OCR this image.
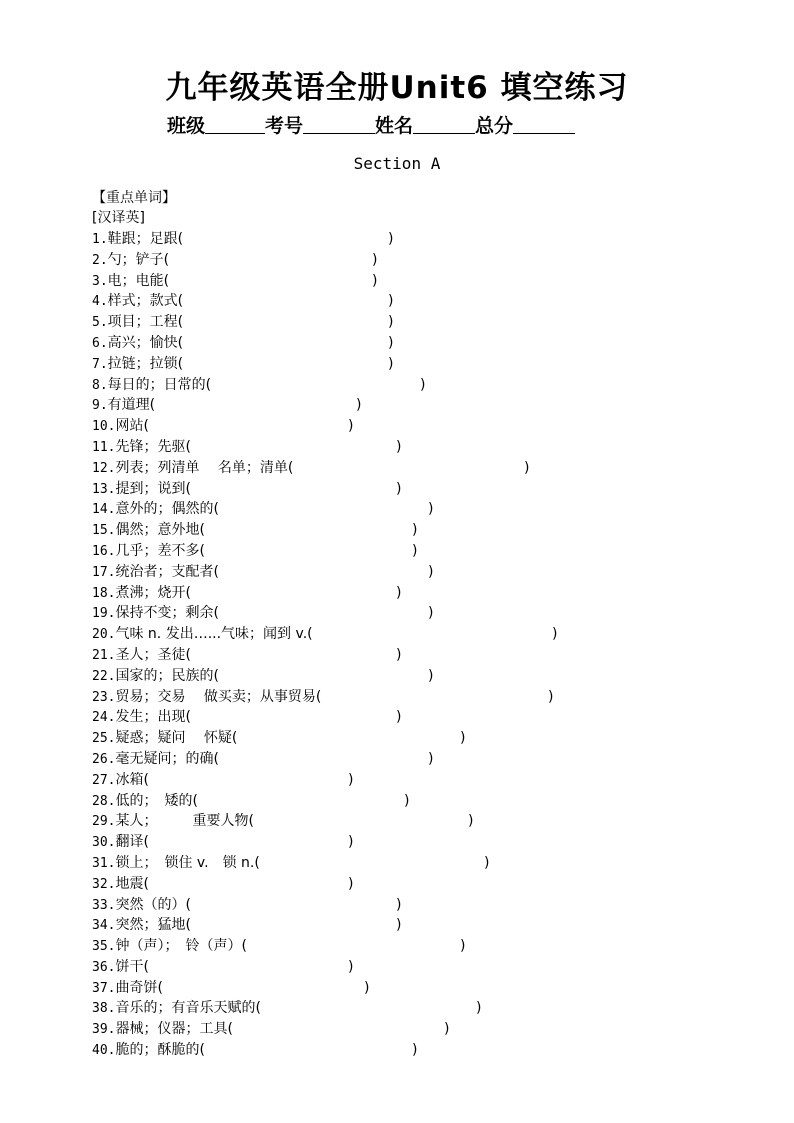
九年级英语全册Unit6 填空练习
班级	考号	姓名	总分
Section A
【重点单词】
[汉译英]
1.鞋跟；足跟(	)
2.勺；铲子(	)
3.电；电能(	)
4.样式；款式(	)
5.项目；工程(	)
6.高兴；愉快(	)
7.拉链；拉锁(	)
8.每日的；日常的(	)
9.有道理(	)
10.网站(	)
11.先锋；先驱(	)
12.列表；列清单　 名单；清单(	)
13.提到；说到(	)
14.意外的；偶然的(	)
15.偶然；意外地(	)
16.几乎；差不多(	)
17.统治者；支配者(	)
18.煮沸；烧开(	)
19.保持不变；剩余(	)
20.气味 n. 发出…...气味；闻到 v.(	)
21.圣人；圣徒(	)
22.国家的；民族的(	)
23.贸易；交易　 做买卖；从事贸易(	)
24.发生；出现(	)
25.疑惑；疑问　 怀疑(	)
26.毫无疑问；的确(	)
27.冰箱(	)
28.低的；　矮的(	)
29.某人；　　　重要人物(	)
30.翻译(	)
31.锁上；　锁住 v.　锁 n.(	)
32.地震(	)
33.突然（的）(	)
34.突然；猛地(	)
35.钟（声）；　铃（声）(	)
36.饼干(	)
37.曲奇饼(	)
38.音乐的；有音乐天赋的(	)
39.器械；仪器；工具(	)
40.脆的；酥脆的(	)
